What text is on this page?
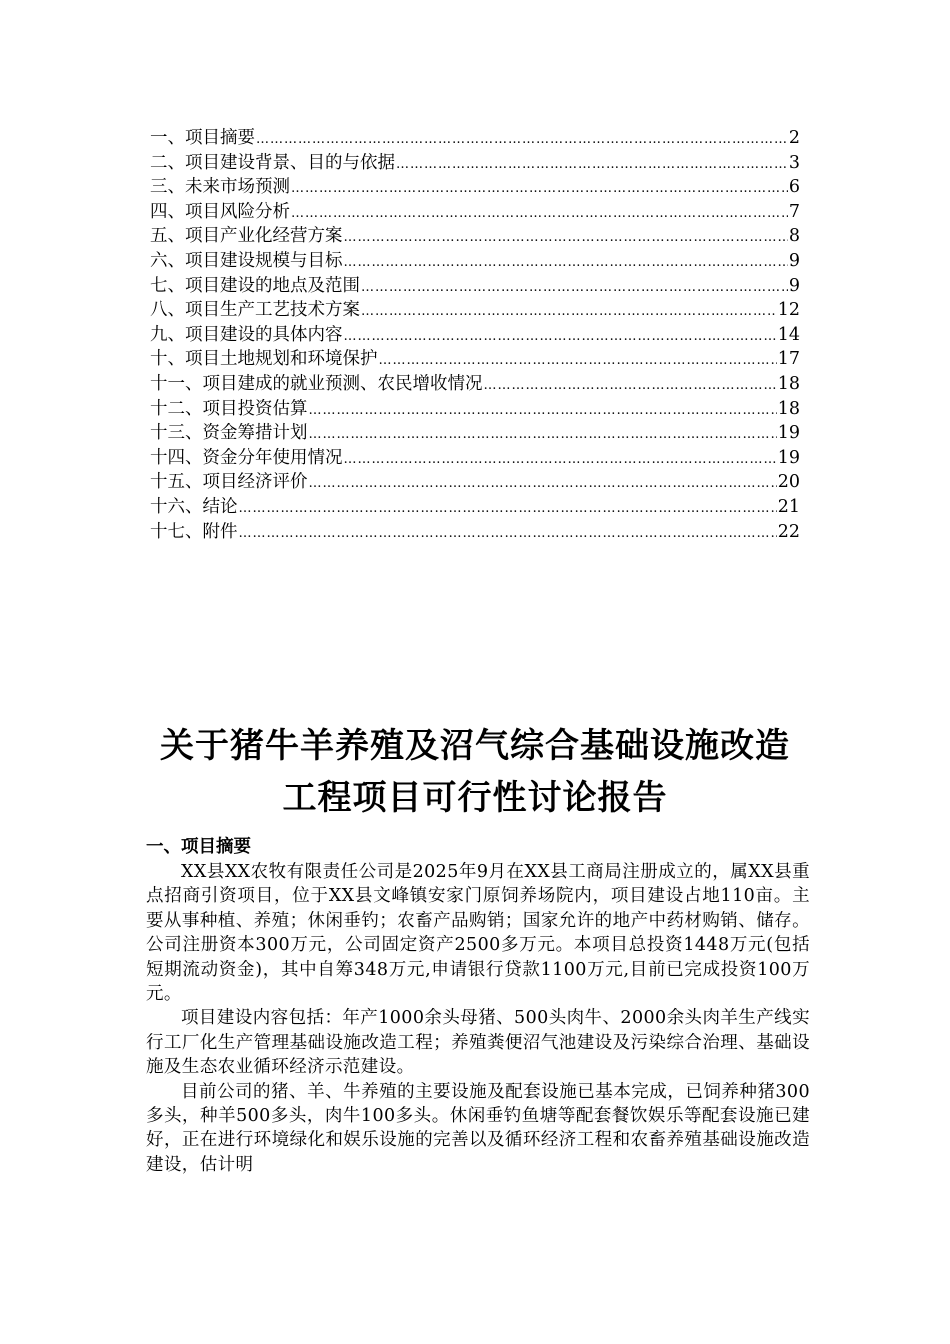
一、项目摘要 ……………………………………………………………………………………………………………………………………………………………………………………………………………………………………………………………………………………………………	2
二、项目建设背景、目的与依据 ……………………………………………………………………………………………………………………………………………………………………………………………………………………………………………………………………………………………………	3
三、未来市场预测 ……………………………………………………………………………………………………………………………………………………………………………………………………………………………………………………………………………………………………	6
四、项目风险分析 ……………………………………………………………………………………………………………………………………………………………………………………………………………………………………………………………………………………………………	7
五、项目产业化经营方案 ……………………………………………………………………………………………………………………………………………………………………………………………………………………………………………………………………………………………………	8
六、项目建设规模与目标 ……………………………………………………………………………………………………………………………………………………………………………………………………………………………………………………………………………………………………	9
七、项目建设的地点及范围 ……………………………………………………………………………………………………………………………………………………………………………………………………………………………………………………………………………………………………	9
八、项目生产工艺技术方案 ……………………………………………………………………………………………………………………………………………………………………………………………………………………………………………………………………………………………………	12
九、项目建设的具体内容 ……………………………………………………………………………………………………………………………………………………………………………………………………………………………………………………………………………………………………	14
十、项目土地规划和环境保护 ……………………………………………………………………………………………………………………………………………………………………………………………………………………………………………………………………………………………………	17
十一、项目建成的就业预测、农民增收情况 ……………………………………………………………………………………………………………………………………………………………………………………………………………………………………………………………………………………………………	18
十二、项目投资估算 ……………………………………………………………………………………………………………………………………………………………………………………………………………………………………………………………………………………………………	18
十三、资金筹措计划 ……………………………………………………………………………………………………………………………………………………………………………………………………………………………………………………………………………………………………	19
十四、资金分年使用情况 ……………………………………………………………………………………………………………………………………………………………………………………………………………………………………………………………………………………………………	19
十五、项目经济评价 ……………………………………………………………………………………………………………………………………………………………………………………………………………………………………………………………………………………………………	20
十六、结论 ……………………………………………………………………………………………………………………………………………………………………………………………………………………………………………………………………………………………………	21
十七、附件 ……………………………………………………………………………………………………………………………………………………………………………………………………………………………………………………………………………………………………	22
关于猪牛羊养殖及沼气综合基础设施改造
工程项目可行性讨论报告
一、项目摘要

XX县XX农牧有限责任公司是2025年9月在XX县工商局注册成立的，属XX县重点招商引资项目，位于XX县文峰镇安家门原饲养场院内，项目建设占地110亩。主要从事种植、养殖；休闲垂钓；农畜产品购销；国家允许的地产中药材购销、储存。公司注册资本300万元，公司固定资产2500多万元。本项目总投资1448万元(包括短期流动资金)，其中自筹348万元,申请银行贷款1100万元,目前已完成投资100万元。

项目建设内容包括：年产1000余头母猪、500头肉牛、2000余头肉羊生产线实行工厂化生产管理基础设施改造工程；养殖粪便沼气池建设及污染综合治理、基础设施及生态农业循环经济示范建设。

目前公司的猪、羊、牛养殖的主要设施及配套设施已基本完成，已饲养种猪300多头，种羊500多头，肉牛100多头。休闲垂钓鱼塘等配套餐饮娱乐等配套设施已建好，正在进行环境绿化和娱乐设施的完善以及循环经济工程和农畜养殖基础设施改造建设，估计明
